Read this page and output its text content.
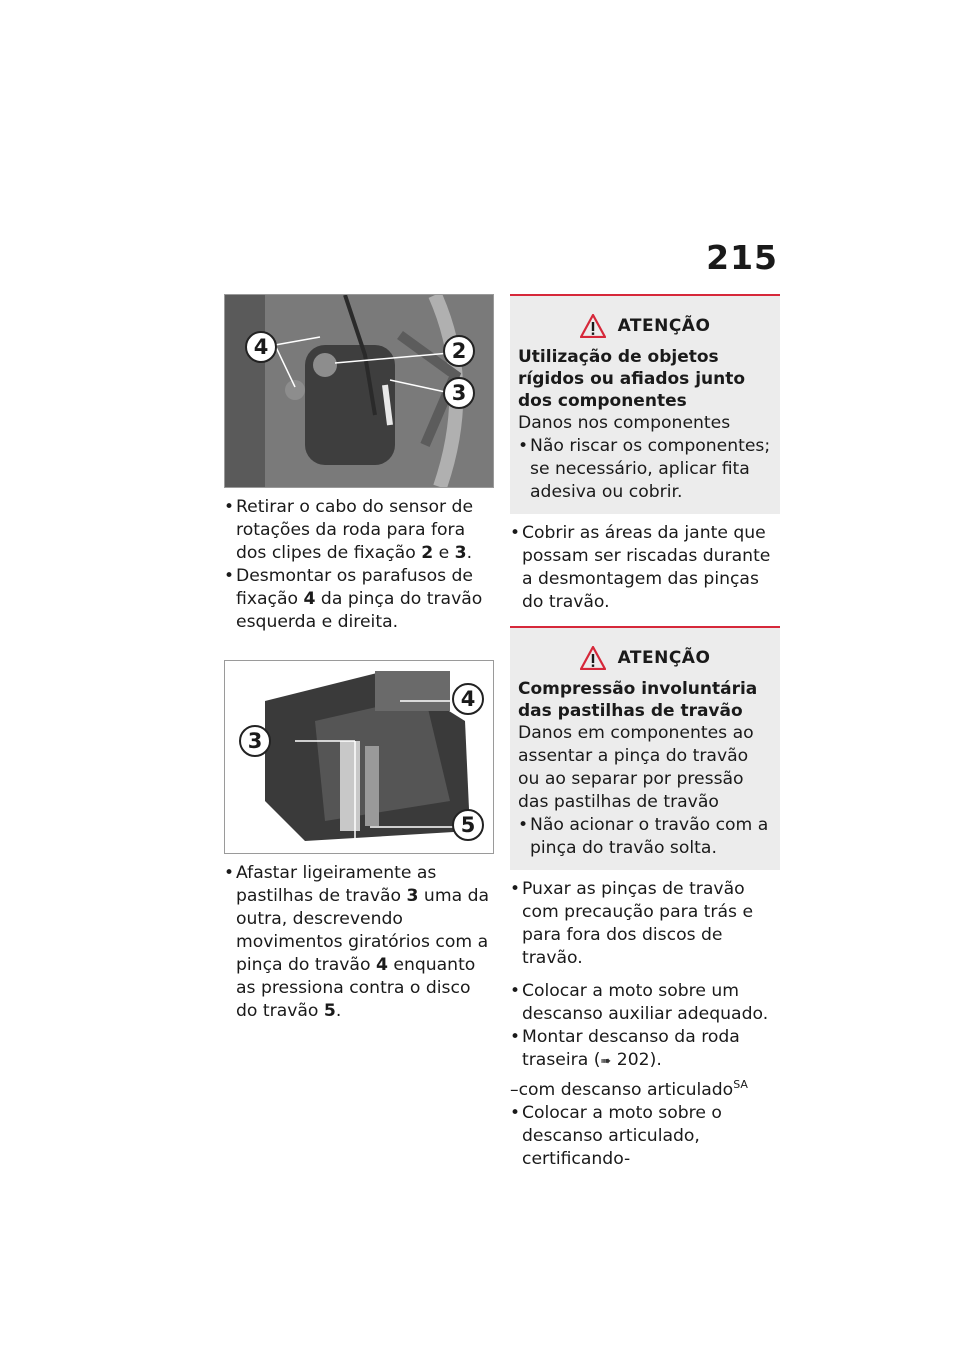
215
4	2
3
• Retirar o cabo do sensor de rotações da roda para fora dos clipes de fixação 2 e 3.
• Desmontar os parafusos de fixação 4 da pinça do travão esquerda e direita.
4
3
5
• Afastar ligeiramente as pastilhas de travão 3 uma da outra, descrevendo movimentos giratórios com a pinça do travão 4 enquanto as pressiona contra o disco do travão 5.
ATENÇÃO
Utilização de objetos rígidos ou afiados junto dos componentes
Danos nos componentes
• Não riscar os componentes; se necessário, aplicar fita adesiva ou cobrir.
• Cobrir as áreas da jante que possam ser riscadas durante a desmontagem das pinças do travão.
ATENÇÃO
Compressão involuntária das pastilhas de travão
Danos em componentes ao assentar a pinça do travão ou ao separar por pressão das pastilhas de travão
• Não acionar o travão com a pinça do travão solta.
• Puxar as pinças de travão com precaução para trás e para fora dos discos de travão.
• Colocar a moto sobre um descanso auxiliar adequado.
• Montar descanso da roda traseira (➠ 202).
–com descanso articulado$^{SA}$
• Colocar a moto sobre o descanso articulado, certificando-
